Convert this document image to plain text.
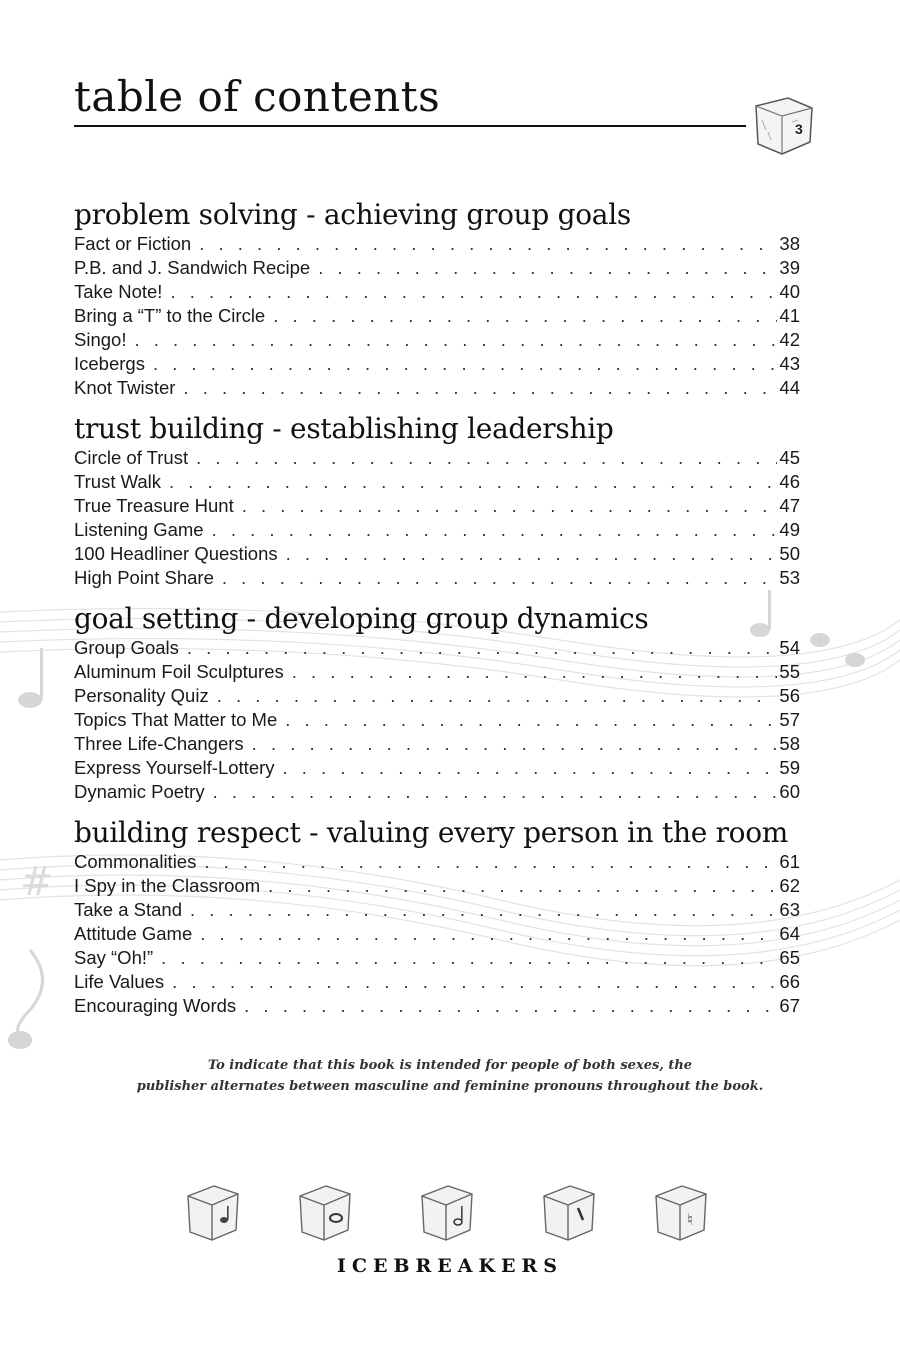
#
table of contents
3
problem solving - achieving group goals
Fact or Fiction . . .	38
P.B. and J. Sandwich Recipe . . .	39
Take Note! . . .	40
Bring a “T” to the Circle . . .	41
Singo! . . .	42
Icebergs . . .	43
Knot Twister . . .	44
trust building - establishing leadership
Circle of Trust . . .	45
Trust Walk . . .	46
True Treasure Hunt . . .	47
Listening Game . . .	49
100 Headliner Questions . . .	50
High Point Share . . .	53
goal setting - developing group dynamics
Group Goals . . .	54
Aluminum Foil Sculptures . . .	55
Personality Quiz . . .	56
Topics That Matter to Me . . .	57
Three Life-Changers . . .	58
Express Yourself-Lottery . . .	59
Dynamic Poetry . . .	60
building respect - valuing every person in the room
Commonalities . . .	61
I Spy in the Classroom . . .	62
Take a Stand . . .	63
Attitude Game . . .	64
Say “Oh!” . . .	65
Life Values . . .	66
Encouraging Words . . .	67
To indicate that this book is intended for people of both sexes, the
publisher alternates between masculine and feminine pronouns throughout the book.
♮
ICEBREAKERS
